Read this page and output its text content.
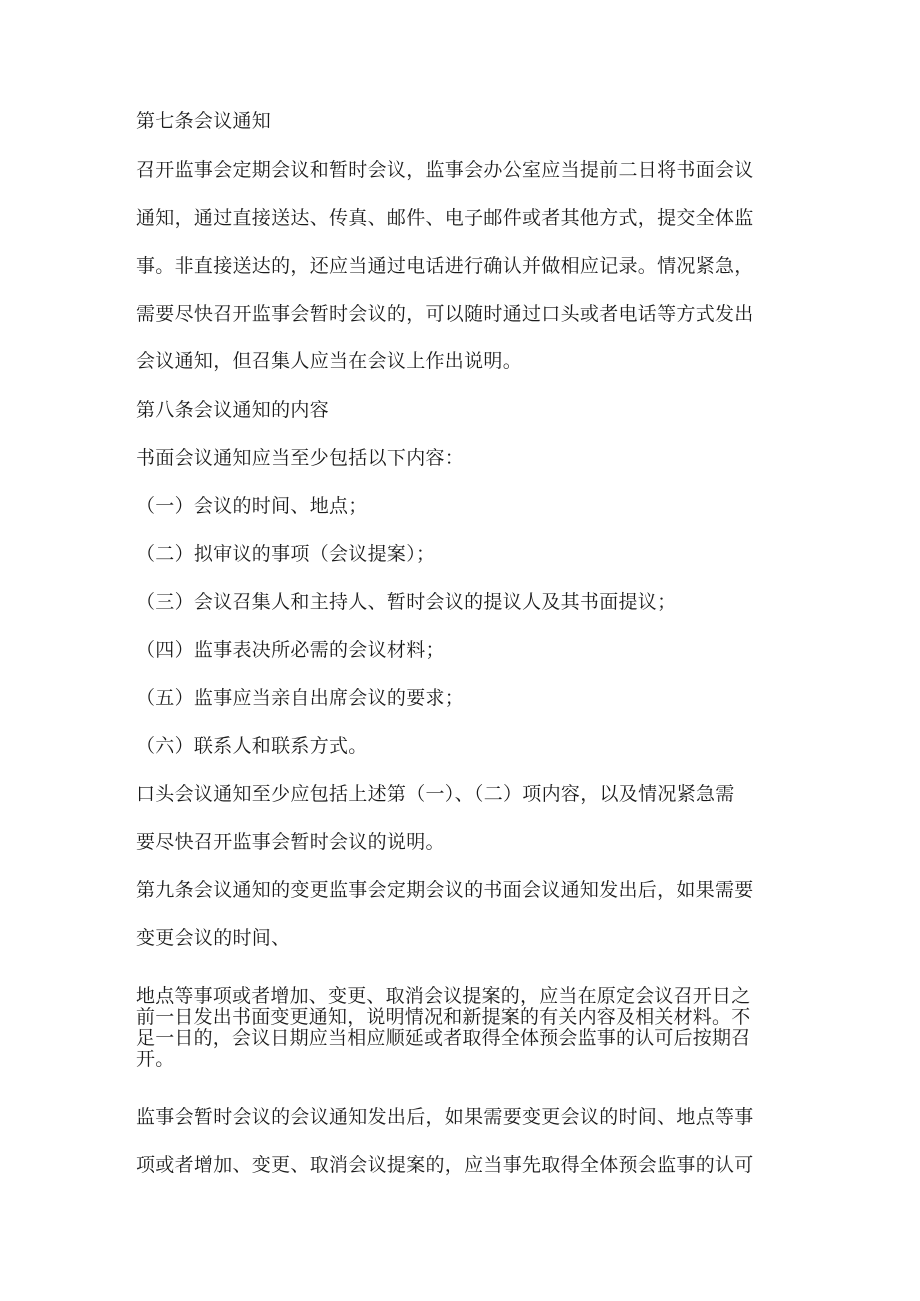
第七条会议通知
召开监事会定期会议和暂时会议，监事会办公室应当提前二日将书面会议
通知，通过直接送达、传真、邮件、电子邮件或者其他方式，提交全体监
事。非直接送达的，还应当通过电话进行确认并做相应记录。情况紧急，
需要尽快召开监事会暂时会议的，可以随时通过口头或者电话等方式发出
会议通知，但召集人应当在会议上作出说明。
第八条会议通知的内容
书面会议通知应当至少包括以下内容：
（一）会议的时间、地点；
（二）拟审议的事项（会议提案）；
（三）会议召集人和主持人、暂时会议的提议人及其书面提议；
（四）监事表决所必需的会议材料；
（五）监事应当亲自出席会议的要求；
（六）联系人和联系方式。
口头会议通知至少应包括上述第（一）、（二）项内容，以及情况紧急需
要尽快召开监事会暂时会议的说明。
第九条会议通知的变更监事会定期会议的书面会议通知发出后，如果需要
变更会议的时间、
地点等事项或者增加、变更、取消会议提案的，应当在原定会议召开日之
前一日发出书面变更通知，说明情况和新提案的有关内容及相关材料。不
足一日的，会议日期应当相应顺延或者取得全体预会监事的认可后按期召
开。
监事会暂时会议的会议通知发出后，如果需要变更会议的时间、地点等事
项或者增加、变更、取消会议提案的，应当事先取得全体预会监事的认可
